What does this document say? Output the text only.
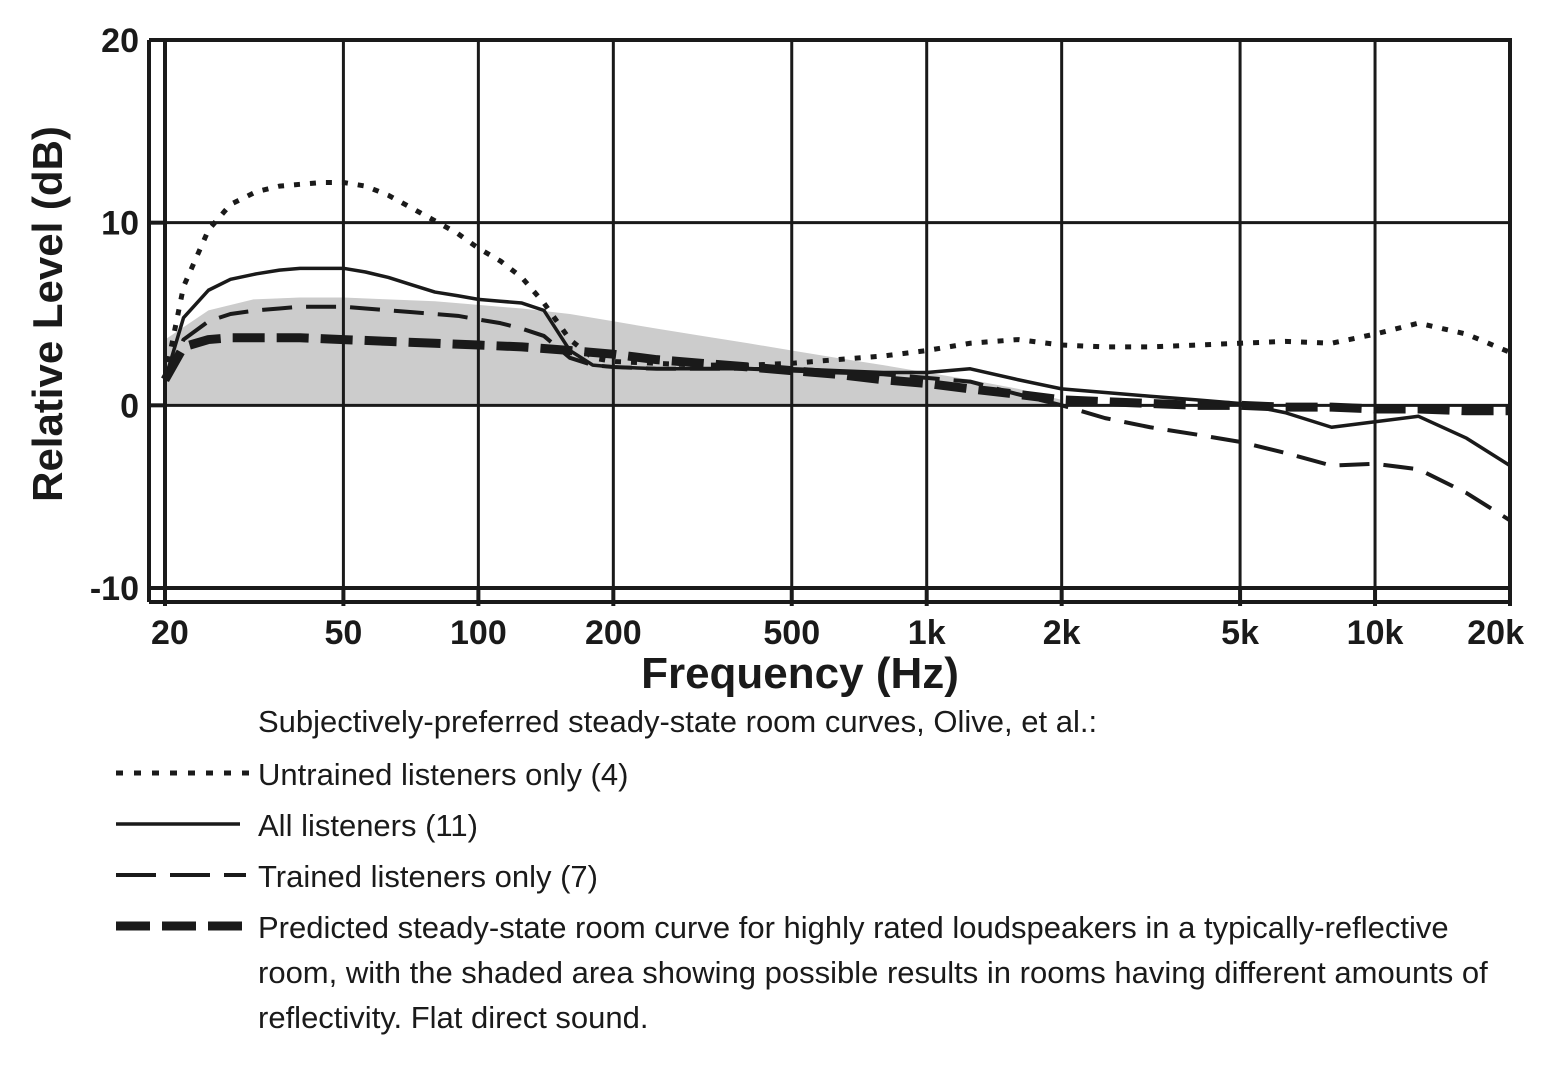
-10
0
10
20
20	50	100 200	500	1k	2k	5k	10k 20k
Relative Level (dB)
Frequency (Hz)
Subjectively-preferred steady-state room curves, Olive, et al.:
Untrained listeners only (4)
All listeners (11)
Trained listeners only (7)
Predicted steady-state room curve for highly rated loudspeakers in a typically-reflective room, with the shaded area showing possible results in rooms having different amounts of reflectivity. Flat direct sound.
